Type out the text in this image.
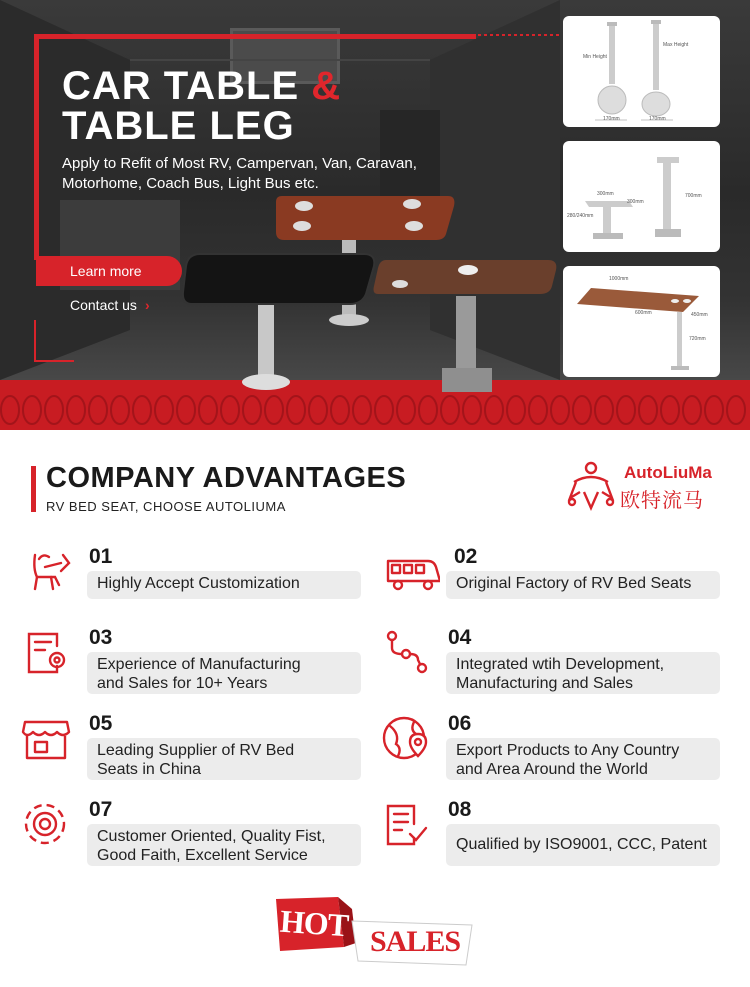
CAR TABLE &
TABLE LEG
Apply to Refit of Most RV, Campervan, Van, Caravan, Motorhome, Coach Bus, Light Bus etc.
Learn more
Contact us ›
Min Height
Max Height
170mm	170mm
300mm
300mm
280/240mm
700mm
1000mm
600mm	450mm
720mm
COMPANY ADVANTAGES
RV BED SEAT, CHOOSE AUTOLIUMA
AutoLiuMa
欧特流马
01
Highly Accept Customization
02
Original Factory of RV Bed Seats
03
Experience of Manufacturing
and Sales for 10+ Years
04
Integrated wtih Development,
Manufacturing and Sales
05
Leading Supplier of RV Bed
Seats in China
06
Export Products to Any Country
and Area Around the World
07
Customer Oriented, Quality Fist,
Good Faith, Excellent Service
08
Qualified by ISO9001, CCC, Patent
HOT SALES
